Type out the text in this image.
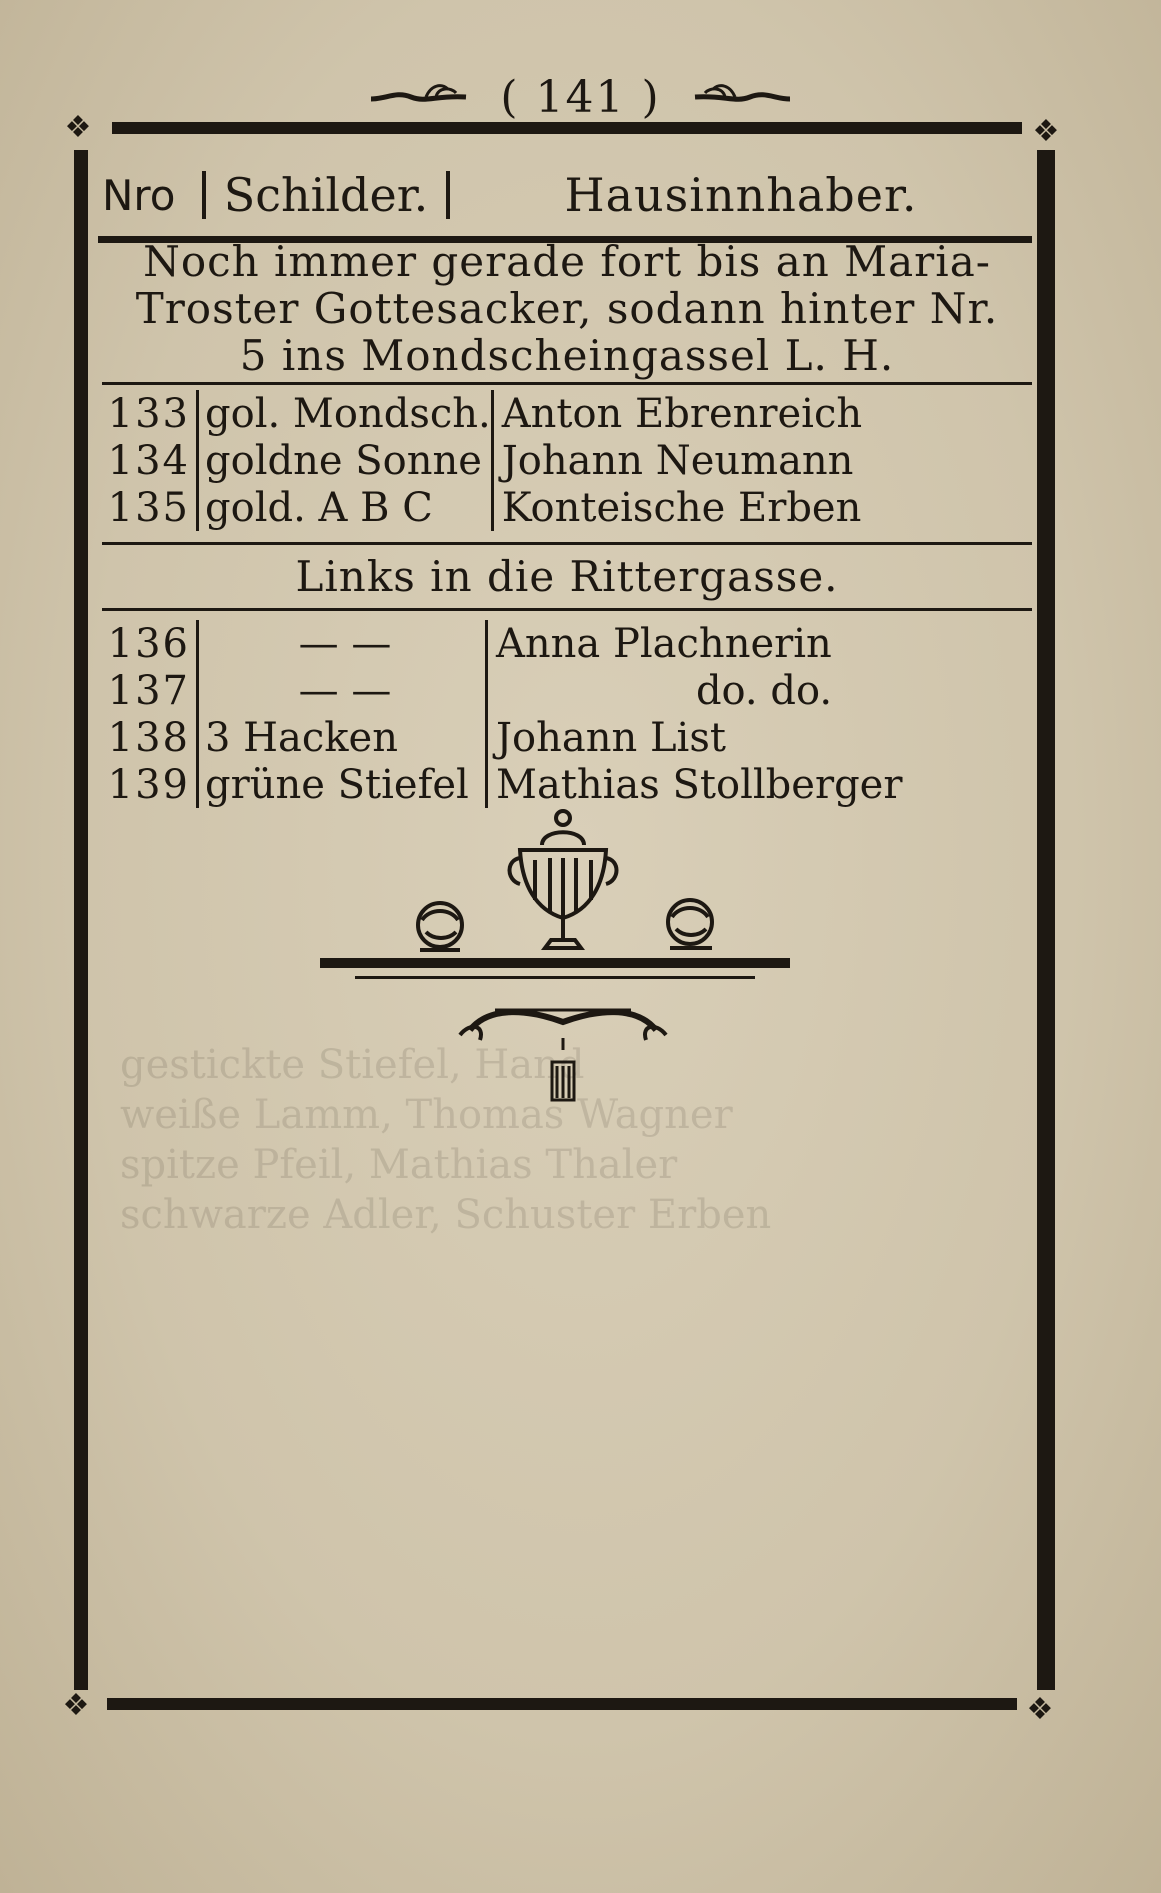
gestickte Stiefel, Hand
weiße Lamm, Thomas Wagner
spitze Pfeil, Mathias Thaler
schwarze Adler, Schuster Erben
( 141 )
❖	❖
❖	❖
Nro	Schilder.	Hausinnhaber.
Noch immer gerade fort bis an Maria-
Troster Gottesacker, sodann hinter Nr.
5 ins Mondscheingassel L. H.
133	gol. Mondsch.	Anton Ebrenreich
134	goldne Sonne	Johann Neumann
135	gold. A B C	Konteische Erben
Links in die Rittergasse.
136	— —	Anna Plachnerin
137	— —	do. do.
138	3 Hacken	Johann List
139	grüne Stiefel	Mathias Stollberger
